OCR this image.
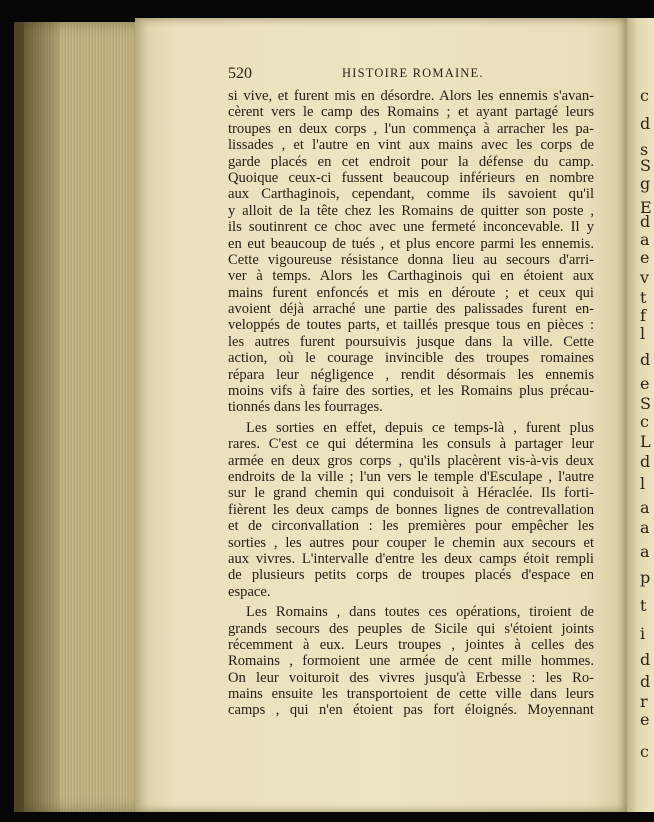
c
d
s
S
g
E
d
a
e
v
t
f
l
d
e
S
c
L
d
l
a
a
a
p
t
i
d
d
r
e
c
520	HISTOIRE ROMAINE.
si vive, et furent mis en désordre. Alors les ennemis s'avan-
cèrent vers le camp des Romains ; et ayant partagé leurs
troupes en deux corps , l'un commença à arracher les pa-
lissades , et l'autre en vint aux mains avec les corps de
garde placés en cet endroit pour la défense du camp.
Quoique ceux-ci fussent beaucoup inférieurs en nombre
aux Carthaginois, cependant, comme ils savoient qu'il
y alloit de la tête chez les Romains de quitter son poste ,
ils soutinrent ce choc avec une fermeté inconcevable. Il y
en eut beaucoup de tués , et plus encore parmi les ennemis.
Cette vigoureuse résistance donna lieu au secours d'arri-
ver à temps. Alors les Carthaginois qui en étoient aux
mains furent enfoncés et mis en déroute ; et ceux qui
avoient déjà arraché une partie des palissades furent en-
veloppés de toutes parts, et taillés presque tous en pièces :
les autres furent poursuivis jusque dans la ville. Cette
action, où le courage invincible des troupes romaines
répara leur négligence , rendit désormais les ennemis
moins vifs à faire des sorties, et les Romains plus précau-
tionnés dans les fourrages.
Les sorties en effet, depuis ce temps-là , furent plus
rares. C'est ce qui détermina les consuls à partager leur
armée en deux gros corps , qu'ils placèrent vis-à-vis deux
endroits de la ville ; l'un vers le temple d'Esculape , l'autre
sur le grand chemin qui conduisoit à Héraclée. Ils forti-
fièrent les deux camps de bonnes lignes de contrevallation
et de circonvallation : les premières pour empêcher les
sorties , les autres pour couper le chemin aux secours et
aux vivres. L'intervalle d'entre les deux camps étoit rempli
de plusieurs petits corps de troupes placés d'espace en
espace.
Les Romains , dans toutes ces opérations, tiroient de
grands secours des peuples de Sicile qui s'étoient joints
récemment à eux. Leurs troupes , jointes à celles des
Romains , formoient une armée de cent mille hommes.
On leur voituroit des vivres jusqu'à Erbesse : les Ro-
mains ensuite les transportoient de cette ville dans leurs
camps , qui n'en étoient pas fort éloignés. Moyennant
